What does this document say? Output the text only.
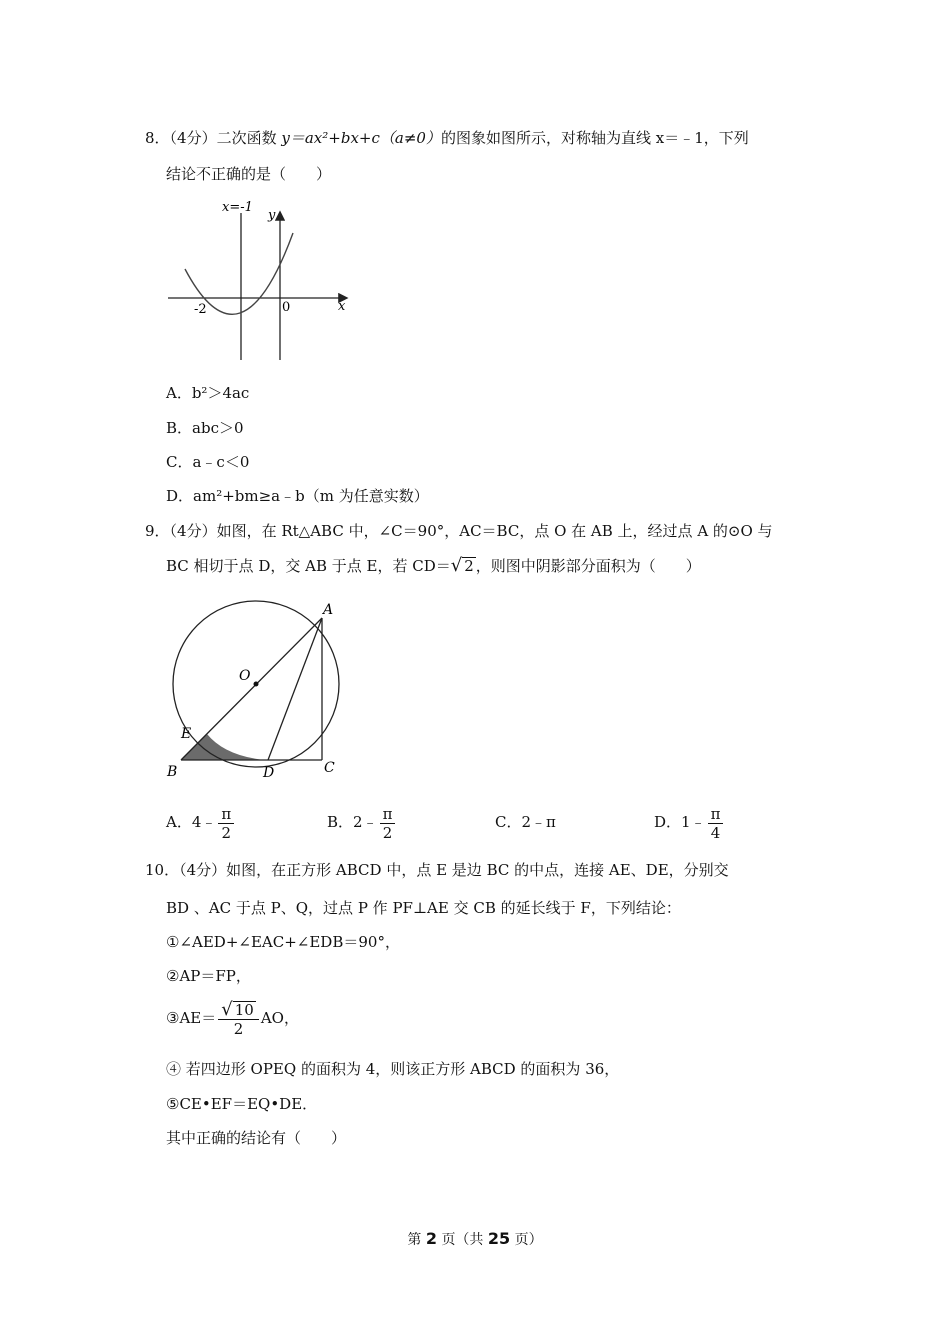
8．（4分）二次函数 y＝ax²+bx+c（a≠0）的图象如图所示，对称轴为直线 x＝﹣1，下列
结论不正确的是（　　）
x=-1
y
x
-2	0
A．b²＞4ac
B．abc＞0
C．a﹣c＜0
D．am²+bm≥a﹣b（m 为任意实数）
9．（4分）如图，在 Rt△ABC 中，∠C＝90°，AC＝BC，点 O 在 AB 上，经过点 A 的⊙O 与
BC 相切于点 D，交 AB 于点 E，若 CD＝√ 2 ，则图中阴影部分面积为（　　）
A
O
E
B	D	C
A．4﹣ $\frac{\pi}{2}$	B．2﹣ $\frac{\pi}{2}$	C．2﹣π	D．1﹣ $\frac{\pi}{4}$
10．（4分）如图，在正方形 ABCD 中，点 E 是边 BC 的中点，连接 AE、DE，分别交
BD 、AC 于点 P、Q，过点 P 作 PF⊥AE 交 CB 的延长线于 F，下列结论：
①∠AED+∠EAC+∠EDB＝90°，
②AP＝FP，
③AE＝ $\frac{√ 10}{2}$ AO，
④ 若四边形 OPEQ 的面积为 4，则该正方形 ABCD 的面积为 36，
⑤CE•EF＝EQ•DE．
其中正确的结论有（　　）
第 2 页（共 25 页）
